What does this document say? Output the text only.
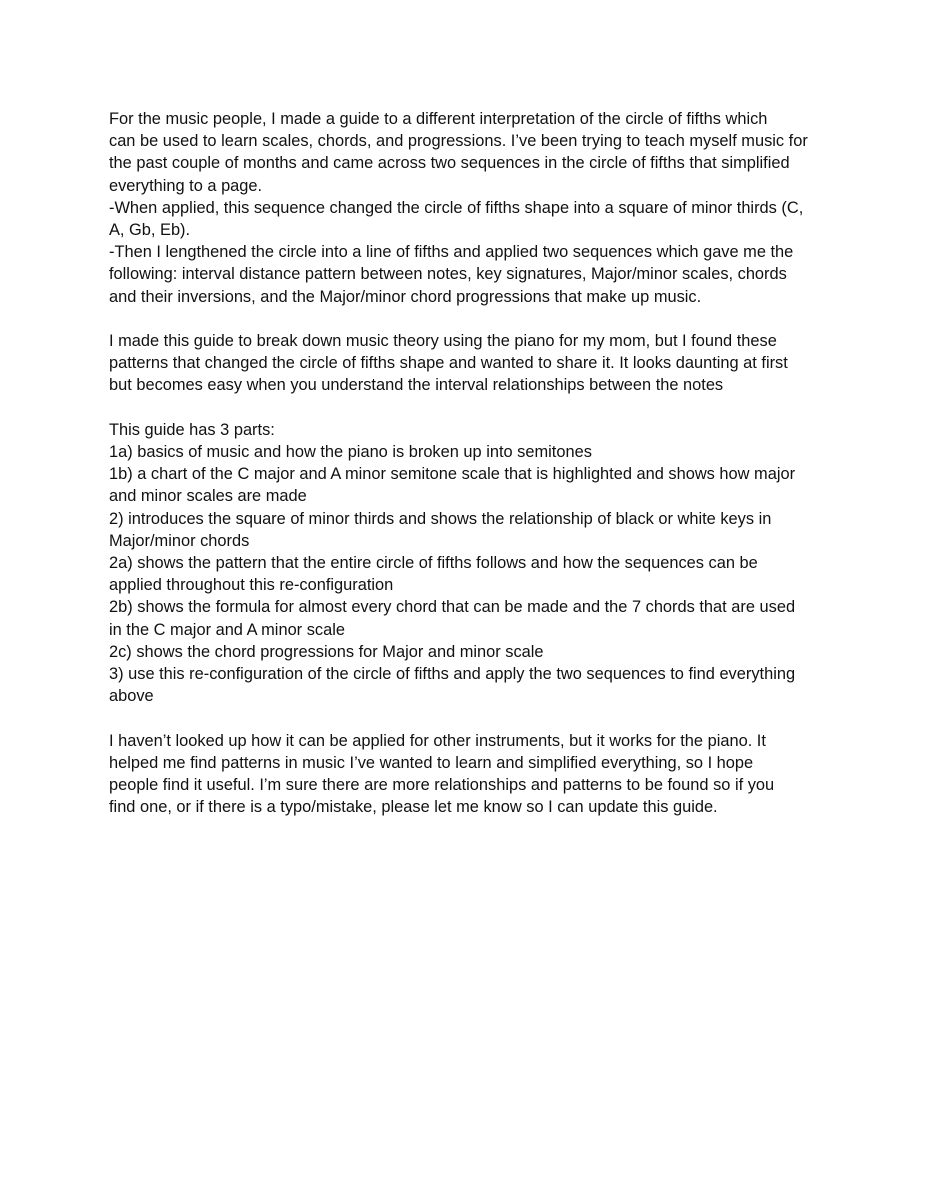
For the music people, I made a guide to a different interpretation of the circle of fifths which
can be used to learn scales, chords, and progressions. I’ve been trying to teach myself music for
the past couple of months and came across two sequences in the circle of fifths that simplified
everything to a page.
-When applied, this sequence changed the circle of fifths shape into a square of minor thirds (C,
A, Gb, Eb).
-Then I lengthened the circle into a line of fifths and applied two sequences which gave me the
following: interval distance pattern between notes, key signatures, Major/minor scales, chords
and their inversions, and the Major/minor chord progressions that make up music.
I made this guide to break down music theory using the piano for my mom, but I found these
patterns that changed the circle of fifths shape and wanted to share it. It looks daunting at first
but becomes easy when you understand the interval relationships between the notes
This guide has 3 parts:
1a) basics of music and how the piano is broken up into semitones
1b) a chart of the C major and A minor semitone scale that is highlighted and shows how major
and minor scales are made
2) introduces the square of minor thirds and shows the relationship of black or white keys in
Major/minor chords
2a) shows the pattern that the entire circle of fifths follows and how the sequences can be
applied throughout this re-configuration
2b) shows the formula for almost every chord that can be made and the 7 chords that are used
in the C major and A minor scale
2c) shows the chord progressions for Major and minor scale
3) use this re-configuration of the circle of fifths and apply the two sequences to find everything
above
I haven’t looked up how it can be applied for other instruments, but it works for the piano. It
helped me find patterns in music I’ve wanted to learn and simplified everything, so I hope
people find it useful. I’m sure there are more relationships and patterns to be found so if you
find one, or if there is a typo/mistake, please let me know so I can update this guide.
